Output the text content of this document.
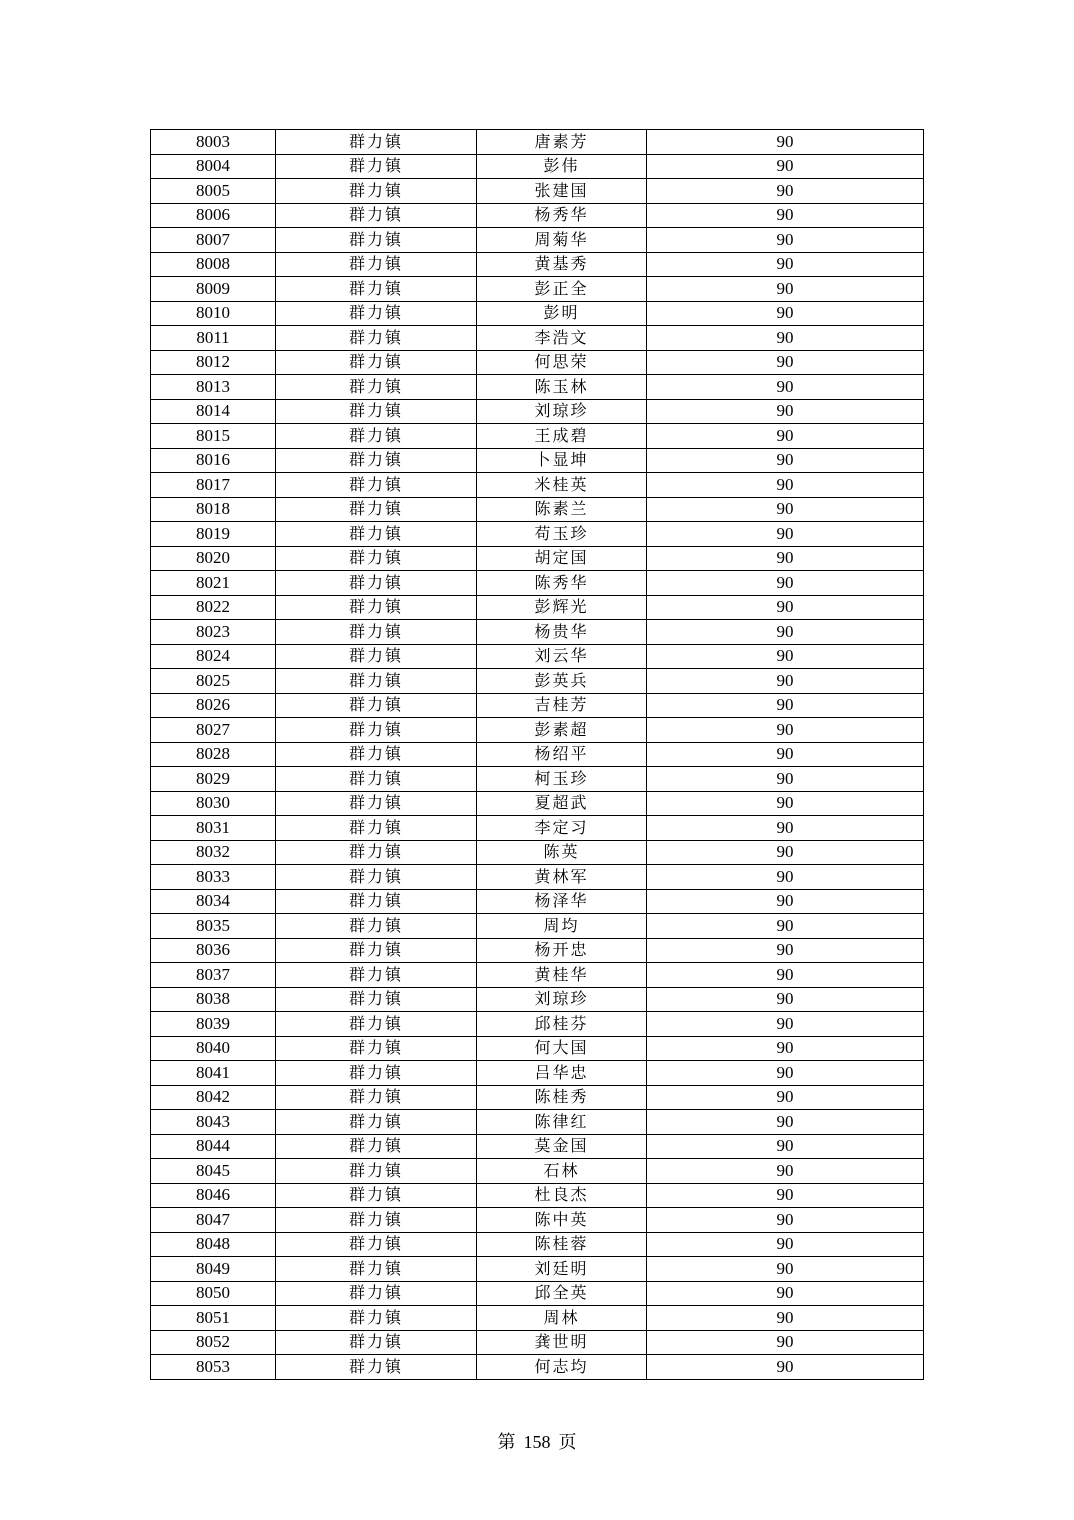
8003	群力镇	唐素芳	90
8004	群力镇	彭伟	90
8005	群力镇	张建国	90
8006	群力镇	杨秀华	90
8007	群力镇	周菊华	90
8008	群力镇	黄基秀	90
8009	群力镇	彭正全	90
8010	群力镇	彭明	90
8011	群力镇	李浩文	90
8012	群力镇	何思荣	90
8013	群力镇	陈玉林	90
8014	群力镇	刘琼珍	90
8015	群力镇	王成碧	90
8016	群力镇	卜显坤	90
8017	群力镇	米桂英	90
8018	群力镇	陈素兰	90
8019	群力镇	苟玉珍	90
8020	群力镇	胡定国	90
8021	群力镇	陈秀华	90
8022	群力镇	彭辉光	90
8023	群力镇	杨贵华	90
8024	群力镇	刘云华	90
8025	群力镇	彭英兵	90
8026	群力镇	吉桂芳	90
8027	群力镇	彭素超	90
8028	群力镇	杨绍平	90
8029	群力镇	柯玉珍	90
8030	群力镇	夏超武	90
8031	群力镇	李定习	90
8032	群力镇	陈英	90
8033	群力镇	黄林军	90
8034	群力镇	杨泽华	90
8035	群力镇	周均	90
8036	群力镇	杨开忠	90
8037	群力镇	黄桂华	90
8038	群力镇	刘琼珍	90
8039	群力镇	邱桂芬	90
8040	群力镇	何大国	90
8041	群力镇	吕华忠	90
8042	群力镇	陈桂秀	90
8043	群力镇	陈律红	90
8044	群力镇	莫金国	90
8045	群力镇	石林	90
8046	群力镇	杜良杰	90
8047	群力镇	陈中英	90
8048	群力镇	陈桂蓉	90
8049	群力镇	刘廷明	90
8050	群力镇	邱全英	90
8051	群力镇	周林	90
8052	群力镇	龚世明	90
8053	群力镇	何志均	90
第 158 页
